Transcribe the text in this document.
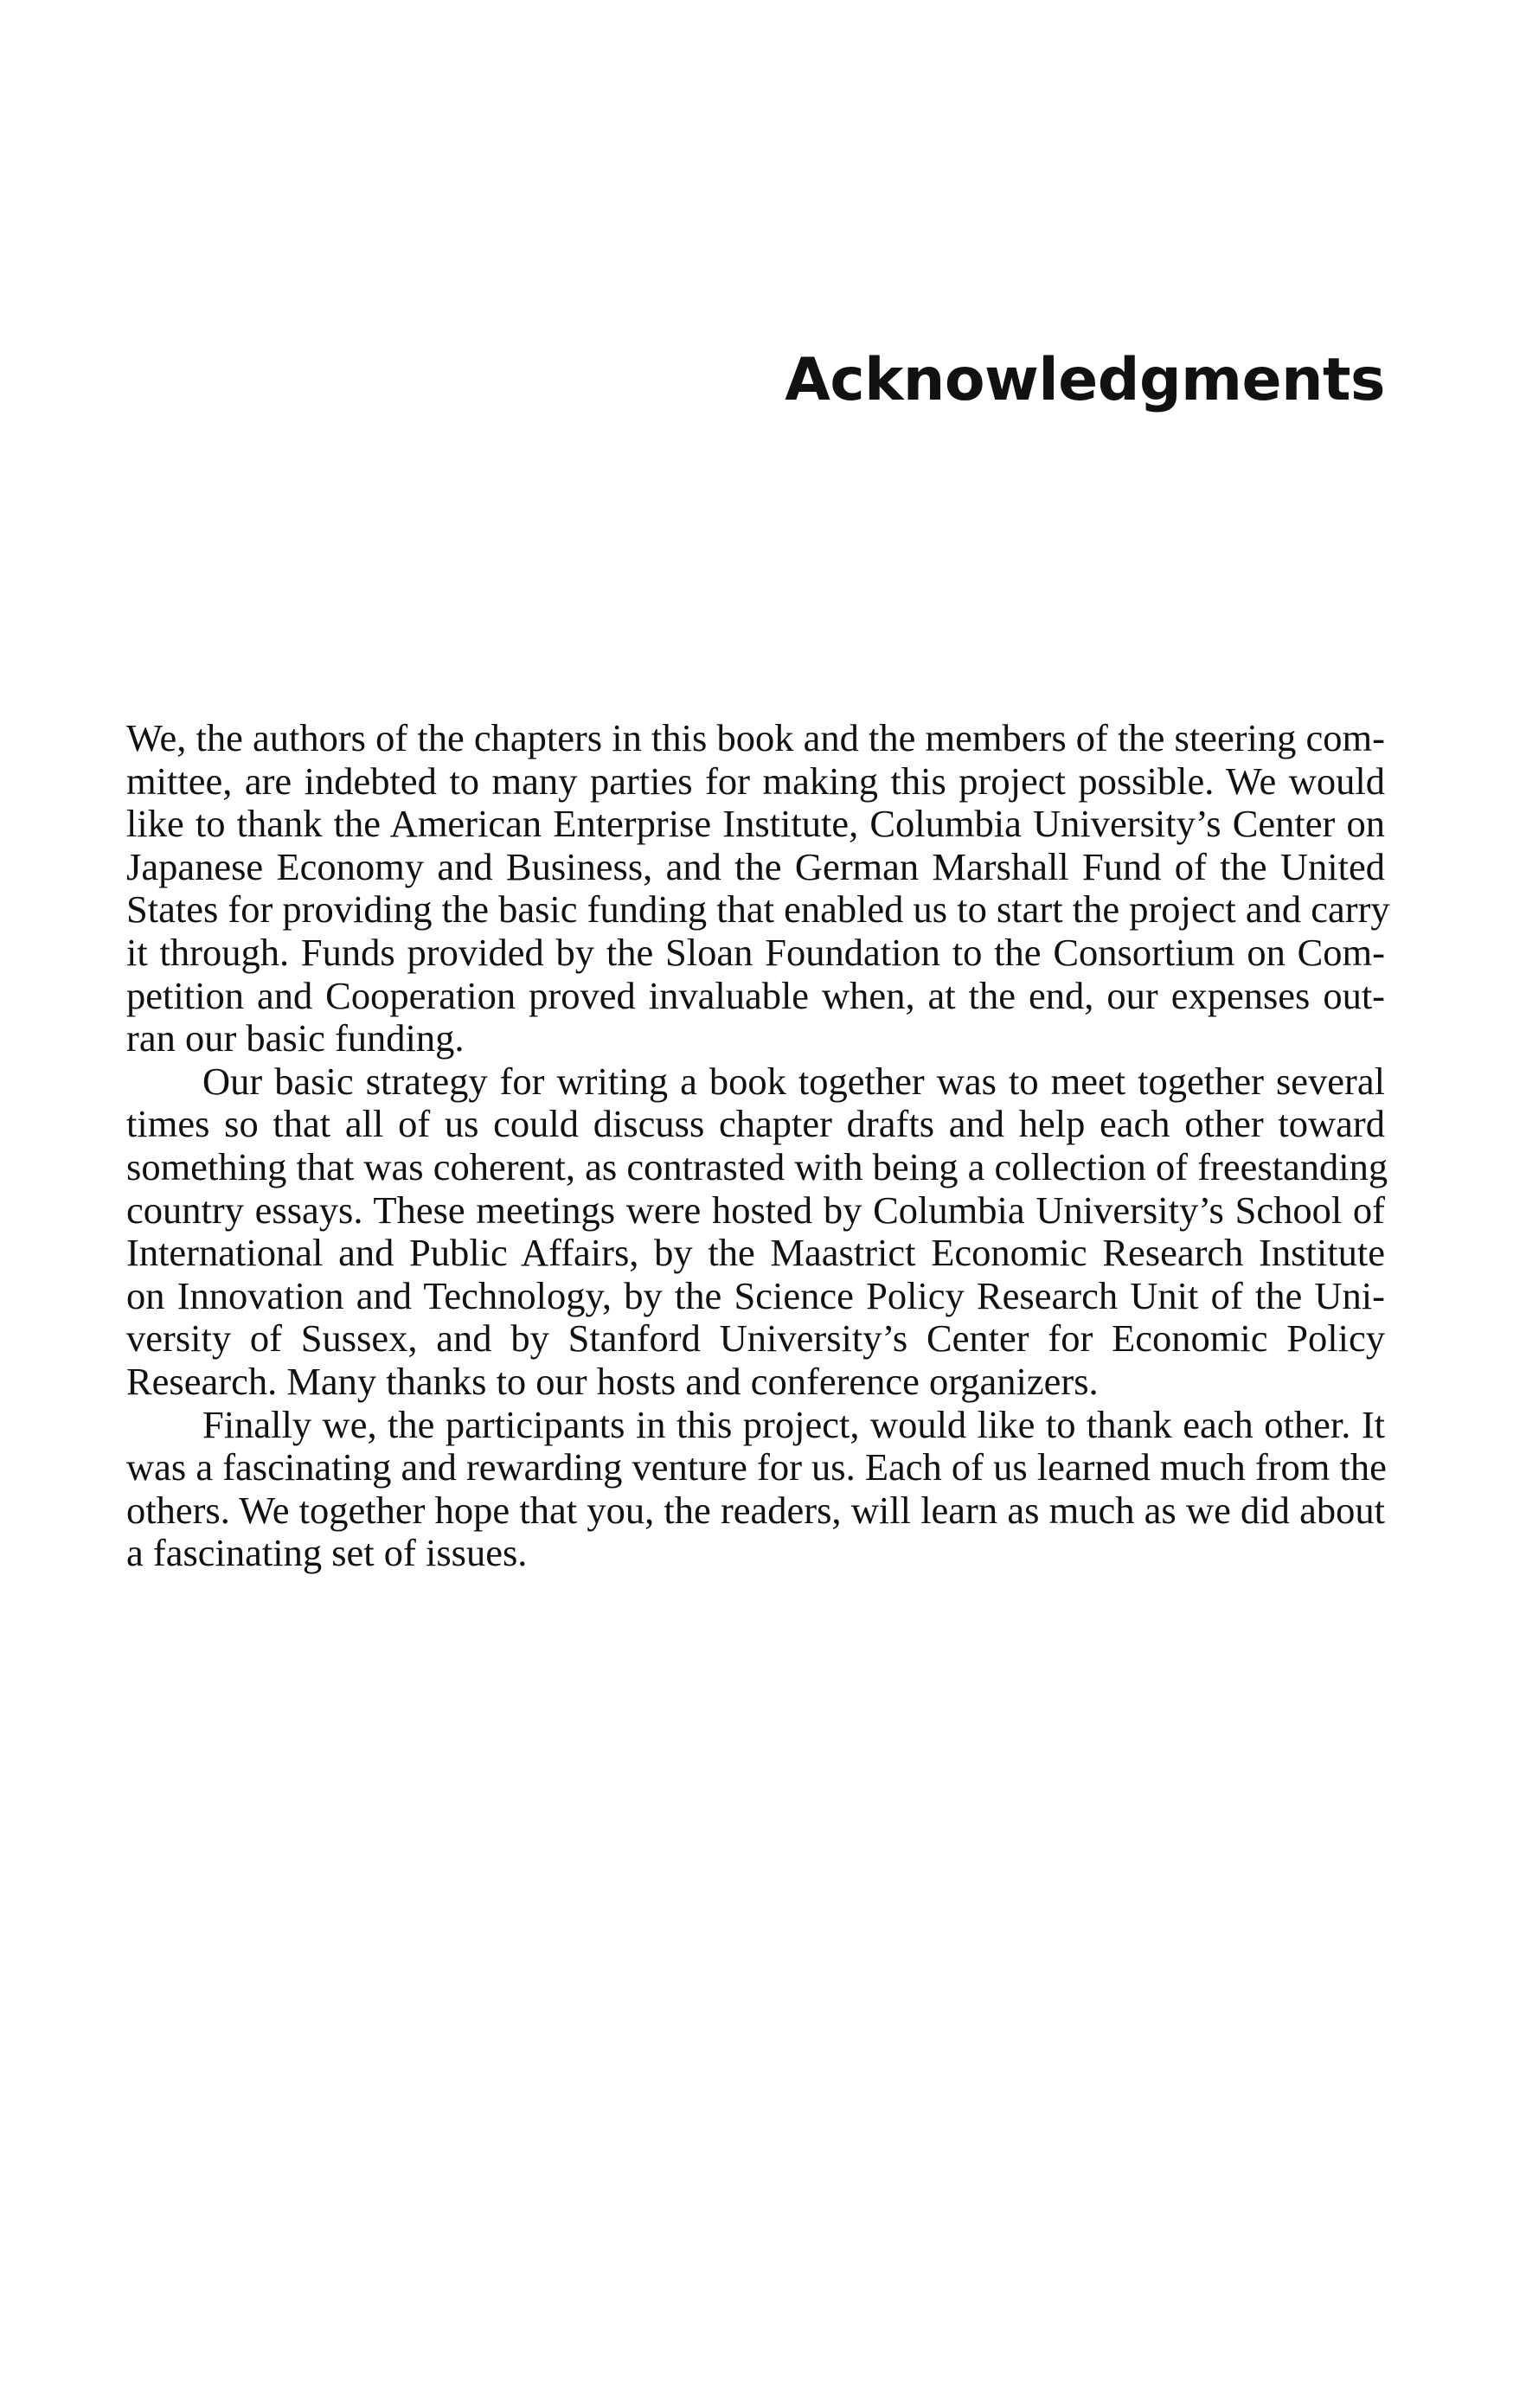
Acknowledgments
We, the authors of the chapters in this book and the members of the steering com-
mittee, are indebted to many parties for making this project possible. We would
like to thank the American Enterprise Institute, Columbia University’s Center on
Japanese Economy and Business, and the German Marshall Fund of the United
States for providing the basic funding that enabled us to start the project and carry
it through. Funds provided by the Sloan Foundation to the Consortium on Com-
petition and Cooperation proved invaluable when, at the end, our expenses out-
ran our basic funding.
Our basic strategy for writing a book together was to meet together several
times so that all of us could discuss chapter drafts and help each other toward
something that was coherent, as contrasted with being a collection of freestanding
country essays. These meetings were hosted by Columbia University’s School of
International and Public Affairs, by the Maastrict Economic Research Institute
on Innovation and Technology, by the Science Policy Research Unit of the Uni-
versity of Sussex, and by Stanford University’s Center for Economic Policy
Research. Many thanks to our hosts and conference organizers.
Finally we, the participants in this project, would like to thank each other. It
was a fascinating and rewarding venture for us. Each of us learned much from the
others. We together hope that you, the readers, will learn as much as we did about
a fascinating set of issues.
